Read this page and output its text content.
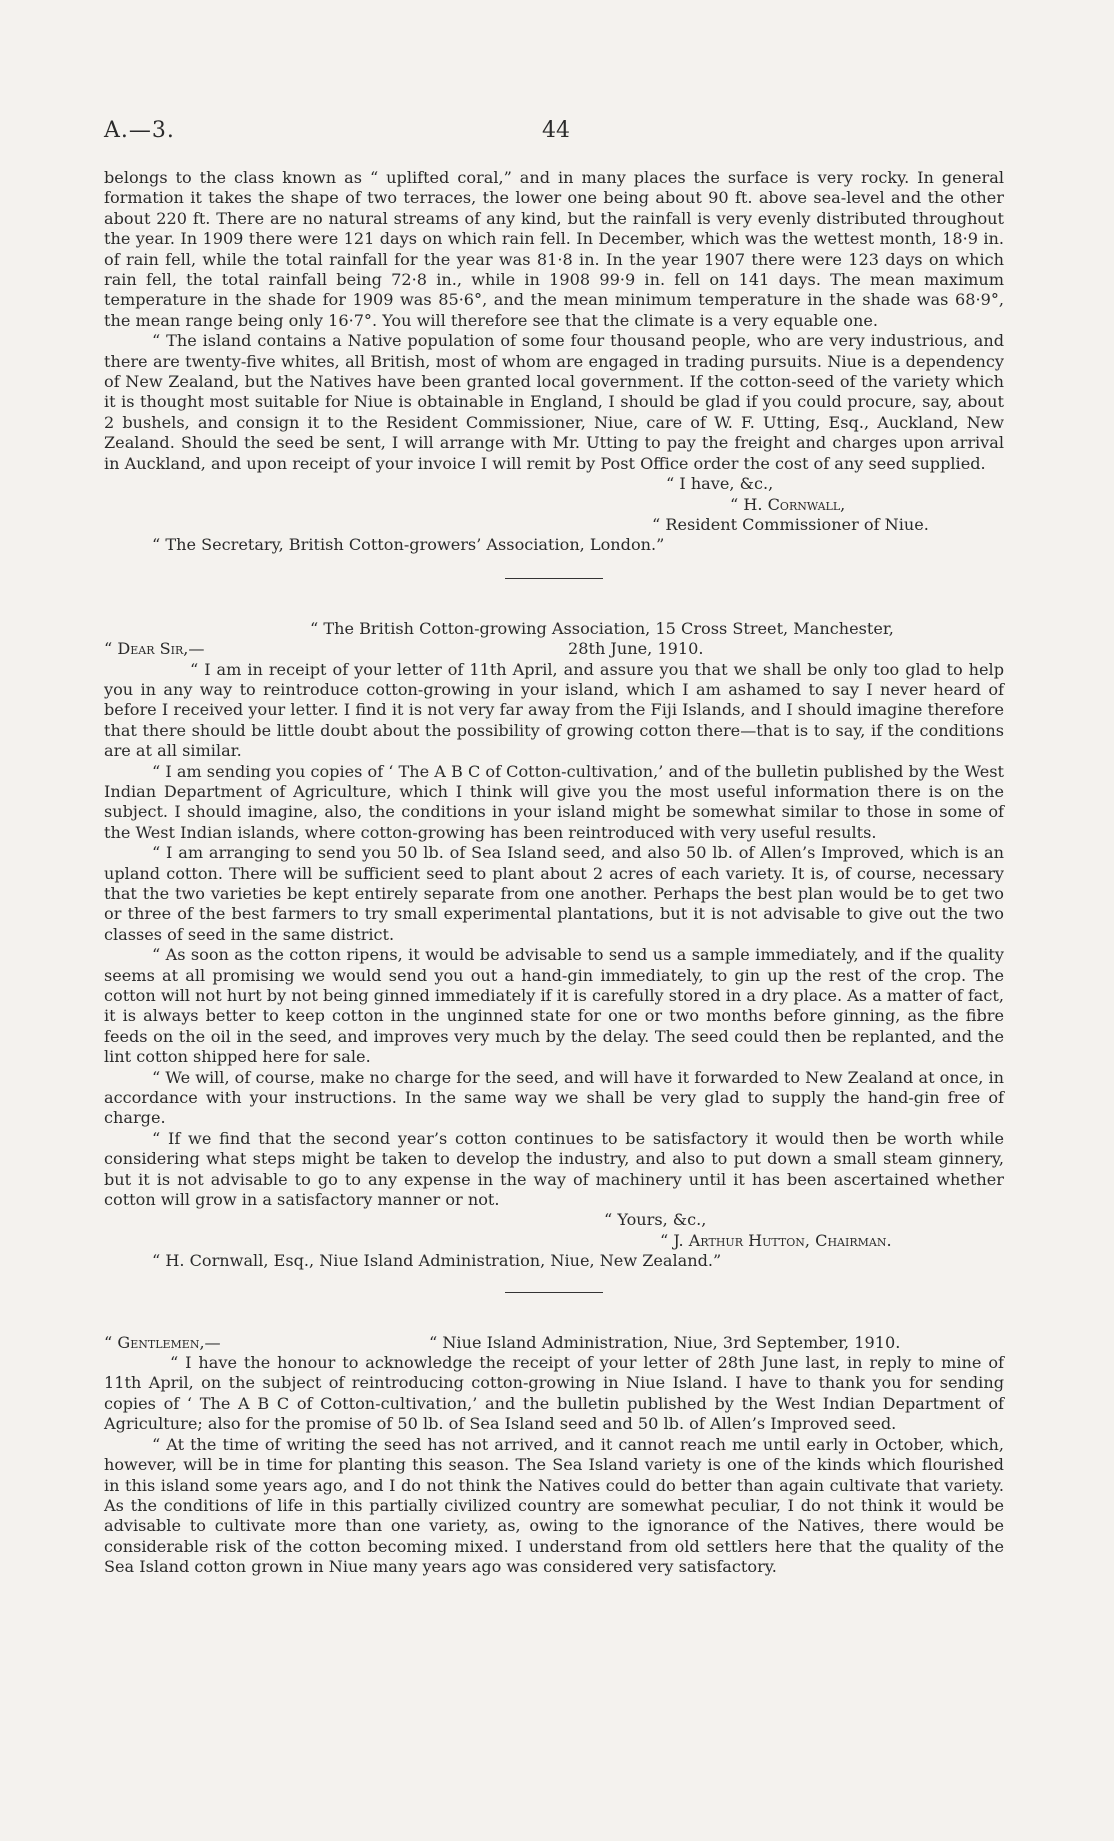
A.—3.	44

belongs to the class known as “ uplifted coral,” and in many places the surface is very rocky. In general formation it takes the shape of two terraces, the lower one being about 90 ft. above sea-level and the other about 220 ft. There are no natural streams of any kind, but the rainfall is very evenly distributed throughout the year. In 1909 there were 121 days on which rain fell. In December, which was the wettest month, 18·9 in. of rain fell, while the total rainfall for the year was 81·8 in. In the year 1907 there were 123 days on which rain fell, the total rainfall being 72·8 in., while in 1908 99·9 in. fell on 141 days. The mean maximum temperature in the shade for 1909 was 85·6°, and the mean minimum temperature in the shade was 68·9°, the mean range being only 16·7°. You will therefore see that the climate is a very equable one.

“ The island contains a Native population of some four thousand people, who are very industrious, and there are twenty-five whites, all British, most of whom are engaged in trading pursuits. Niue is a dependency of New Zealand, but the Natives have been granted local government. If the cotton-seed of the variety which it is thought most suitable for Niue is obtainable in England, I should be glad if you could procure, say, about 2 bushels, and consign it to the Resident Commissioner, Niue, care of W. F. Utting, Esq., Auckland, New Zealand. Should the seed be sent, I will arrange with Mr. Utting to pay the freight and charges upon arrival in Auckland, and upon receipt of your invoice I will remit by Post Office order the cost of any seed supplied.

“ I have, &c.,

“ H. Cornwall,

“ Resident Commissioner of Niue.

“ The Secretary, British Cotton-growers’ Association, London.”

“ The British Cotton-growing Association, 15 Cross Street, Manchester,
“ Dear Sir,—	28th June, 1910.

“ I am in receipt of your letter of 11th April, and assure you that we shall be only too glad to help you in any way to reintroduce cotton-growing in your island, which I am ashamed to say I never heard of before I received your letter. I find it is not very far away from the Fiji Islands, and I should imagine therefore that there should be little doubt about the possibility of growing cotton there—that is to say, if the conditions are at all similar.

“ I am sending you copies of ‘ The A B C of Cotton-cultivation,’ and of the bulletin published by the West Indian Department of Agriculture, which I think will give you the most useful information there is on the subject. I should imagine, also, the conditions in your island might be somewhat similar to those in some of the West Indian islands, where cotton-growing has been reintroduced with very useful results.

“ I am arranging to send you 50 lb. of Sea Island seed, and also 50 lb. of Allen’s Improved, which is an upland cotton. There will be sufficient seed to plant about 2 acres of each variety. It is, of course, necessary that the two varieties be kept entirely separate from one another. Perhaps the best plan would be to get two or three of the best farmers to try small experimental plantations, but it is not advisable to give out the two classes of seed in the same district.

“ As soon as the cotton ripens, it would be advisable to send us a sample immediately, and if the quality seems at all promising we would send you out a hand-gin immediately, to gin up the rest of the crop. The cotton will not hurt by not being ginned immediately if it is carefully stored in a dry place. As a matter of fact, it is always better to keep cotton in the unginned state for one or two months before ginning, as the fibre feeds on the oil in the seed, and improves very much by the delay. The seed could then be replanted, and the lint cotton shipped here for sale.

“ We will, of course, make no charge for the seed, and will have it forwarded to New Zealand at once, in accordance with your instructions. In the same way we shall be very glad to supply the hand-gin free of charge.

“ If we find that the second year’s cotton continues to be satisfactory it would then be worth while considering what steps might be taken to develop the industry, and also to put down a small steam ginnery, but it is not advisable to go to any expense in the way of machinery until it has been ascertained whether cotton will grow in a satisfactory manner or not.

“ Yours, &c.,

“ J. Arthur Hutton, Chairman.

“ H. Cornwall, Esq., Niue Island Administration, Niue, New Zealand.”

“ Gentlemen,—	“ Niue Island Administration, Niue, 3rd September, 1910.

“ I have the honour to acknowledge the receipt of your letter of 28th June last, in reply to mine of 11th April, on the subject of reintroducing cotton-growing in Niue Island. I have to thank you for sending copies of ‘ The A B C of Cotton-cultivation,’ and the bulletin published by the West Indian Department of Agriculture; also for the promise of 50 lb. of Sea Island seed and 50 lb. of Allen’s Improved seed.

“ At the time of writing the seed has not arrived, and it cannot reach me until early in October, which, however, will be in time for planting this season. The Sea Island variety is one of the kinds which flourished in this island some years ago, and I do not think the Natives could do better than again cultivate that variety. As the conditions of life in this partially civilized country are somewhat peculiar, I do not think it would be advisable to cultivate more than one variety, as, owing to the ignorance of the Natives, there would be considerable risk of the cotton becoming mixed. I understand from old settlers here that the quality of the Sea Island cotton grown in Niue many years ago was considered very satisfactory.
